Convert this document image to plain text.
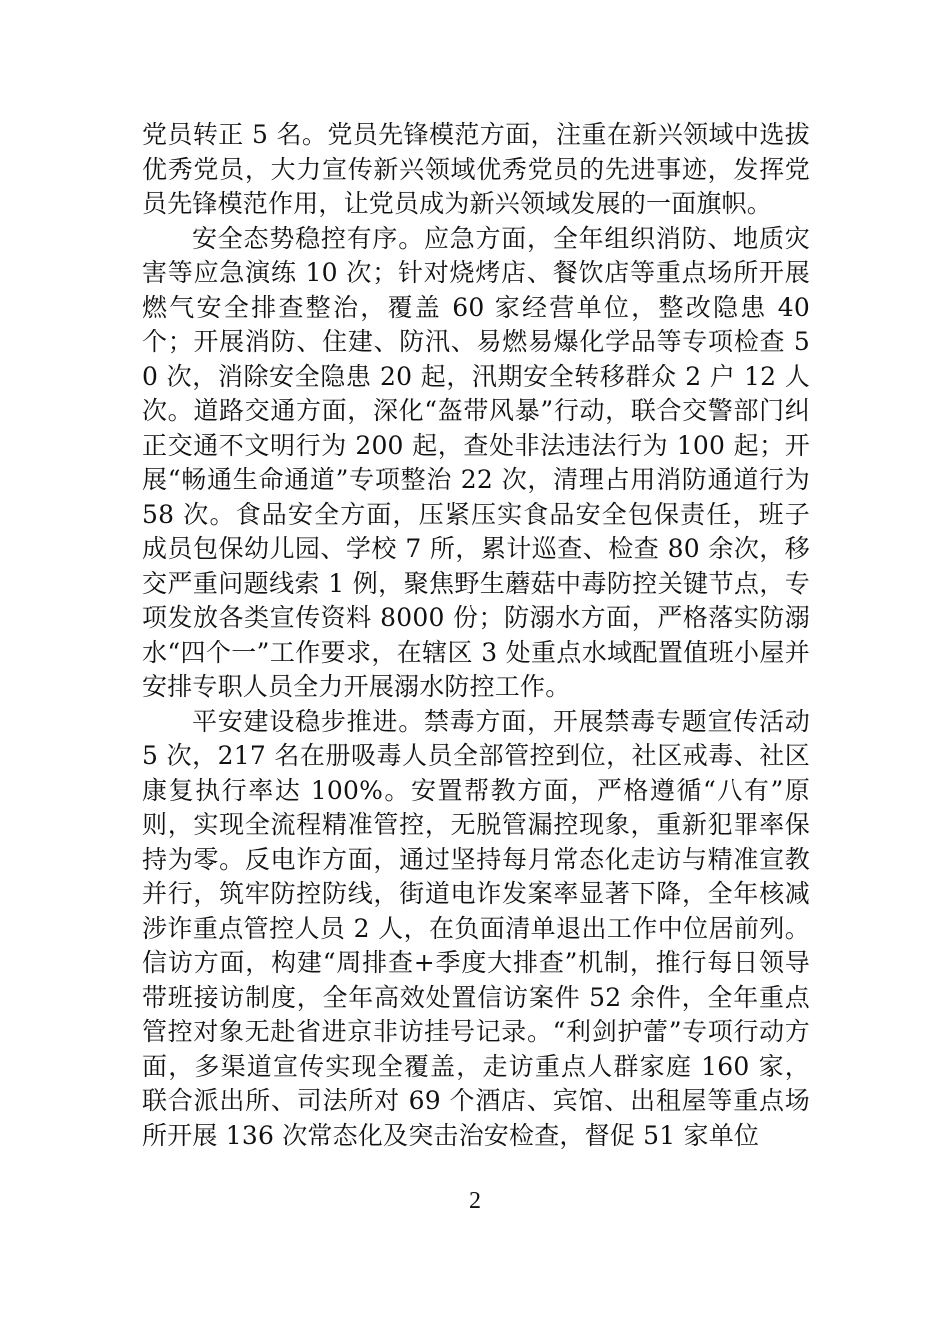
党员转正 5 名。党员先锋模范方面，注重在新兴领域中选拔优秀党员，大力宣传新兴领域优秀党员的先进事迹，发挥党员先锋模范作用，让党员成为新兴领域发展的一面旗帜。

安全态势稳控有序。应急方面，全年组织消防、地质灾害等应急演练 10 次；针对烧烤店、餐饮店等重点场所开展燃气安全排查整治，覆盖 60 家经营单位，整改隐患 40 个；开展消防、住建、防汛、易燃易爆化学品等专项检查 50 次，消除安全隐患 20 起，汛期安全转移群众 2 户 12 人次。道路交通方面，深化“盔带风暴”行动，联合交警部门纠正交通不文明行为 200 起，查处非法违法行为 100 起；开展“畅通生命通道”专项整治 22 次，清理占用消防通道行为 58 次。食品安全方面，压紧压实食品安全包保责任，班子成员包保幼儿园、学校 7 所，累计巡查、检查 80 余次，移交严重问题线索 1 例，聚焦野生蘑菇中毒防控关键节点，专项发放各类宣传资料 8000 份；防溺水方面，严格落实防溺水“四个一”工作要求，在辖区 3 处重点水域配置值班小屋并安排专职人员全力开展溺水防控工作。

平安建设稳步推进。禁毒方面，开展禁毒专题宣传活动 5 次，217 名在册吸毒人员全部管控到位，社区戒毒、社区康复执行率达 100%。安置帮教方面，严格遵循“八有”原则，实现全流程精准管控，无脱管漏控现象，重新犯罪率保持为零。反电诈方面，通过坚持每月常态化走访与精准宣教并行，筑牢防控防线，街道电诈发案率显著下降，全年核减涉诈重点管控人员 2 人，在负面清单退出工作中位居前列。信访方面，构建“周排查+季度大排查”机制，推行每日领导带班接访制度，全年高效处置信访案件 52 余件，全年重点管控对象无赴省进京非访挂号记录。“利剑护蕾”专项行动方面，多渠道宣传实现全覆盖，走访重点人群家庭 160 家，联合派出所、司法所对 69 个酒店、宾馆、出租屋等重点场所开展 136 次常态化及突击治安检查，督促 51 家单位

2
